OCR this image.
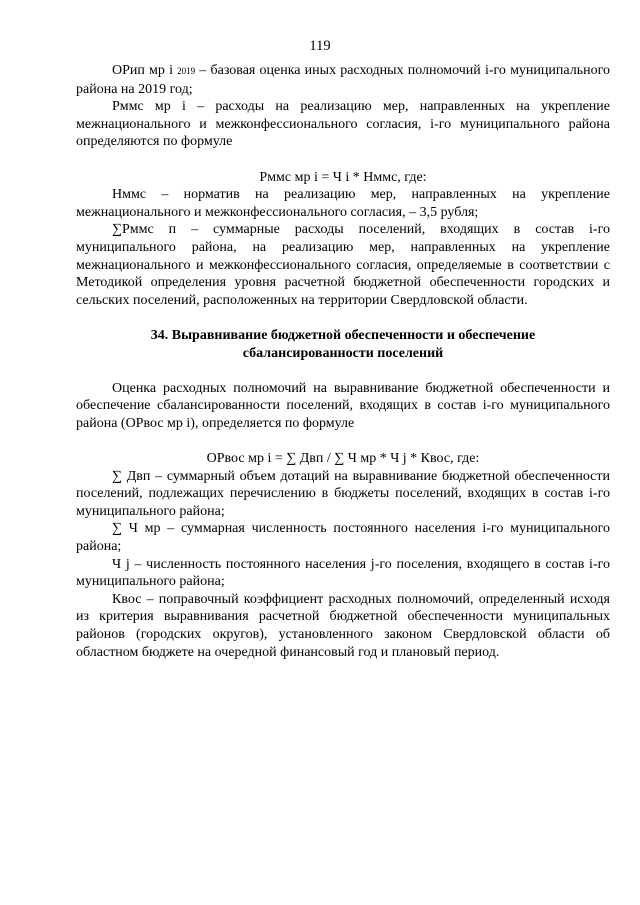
119

ОРип мр i 2019 – базовая оценка иных расходных полномочий i-го муниципального района на 2019 год;

Рммс мр i – расходы на реализацию мер, направленных на укрепление межнационального и межконфессионального согласия, i-го муниципального района определяются по формуле

Рммс мр i = Ч i * Нммс, где:

Нммс – норматив на реализацию мер, направленных на укрепление межнационального и межконфессионального согласия, – 3,5 рубля;

∑Рммс п – суммарные расходы поселений, входящих в состав i-го муниципального района, на реализацию мер, направленных на укрепление межнационального и межконфессионального согласия, определяемые в соответствии с Методикой определения уровня расчетной бюджетной обеспеченности городских и сельских поселений, расположенных на территории Свердловской области.

34. Выравнивание бюджетной обеспеченности и обеспечение сбалансированности поселений

Оценка расходных полномочий на выравнивание бюджетной обеспеченности и обеспечение сбалансированности поселений, входящих в состав i-го муниципального района (ОРвос мр i), определяется по формуле

ОРвос мр i = ∑ Двп / ∑ Ч мр * Ч j * Квос, где:

∑ Двп – суммарный объем дотаций на выравнивание бюджетной обеспеченности поселений, подлежащих перечислению в бюджеты поселений, входящих в состав i-го муниципального района;

∑ Ч мр – суммарная численность постоянного населения i-го муниципального района;

Ч j – численность постоянного населения j-го поселения, входящего в состав i-го муниципального района;

Квос – поправочный коэффициент расходных полномочий, определенный исходя из критерия выравнивания расчетной бюджетной обеспеченности муниципальных районов (городских округов), установленного законом Свердловской области об областном бюджете на очередной финансовый год и плановый период.
